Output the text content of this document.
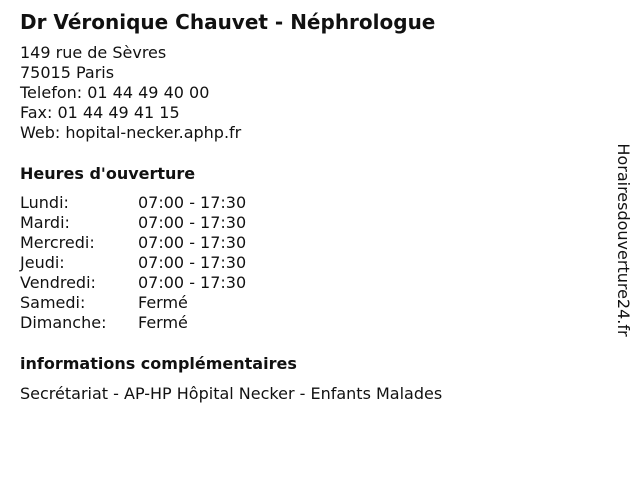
Dr Véronique Chauvet - Néphrologue
149 rue de Sèvres
75015 Paris
Telefon: 01 44 49 40 00
Fax: 01 44 49 41 15
Web: hopital-necker.aphp.fr
Heures d'ouverture
Lundi:	07:00 - 17:30
Mardi:	07:00 - 17:30
Mercredi:	07:00 - 17:30
Jeudi:	07:00 - 17:30
Vendredi:	07:00 - 17:30
Samedi:	Fermé
Dimanche:	Fermé
informations complémentaires
Secrétariat - AP-HP Hôpital Necker - Enfants Malades
Horairesdouverture24.fr
